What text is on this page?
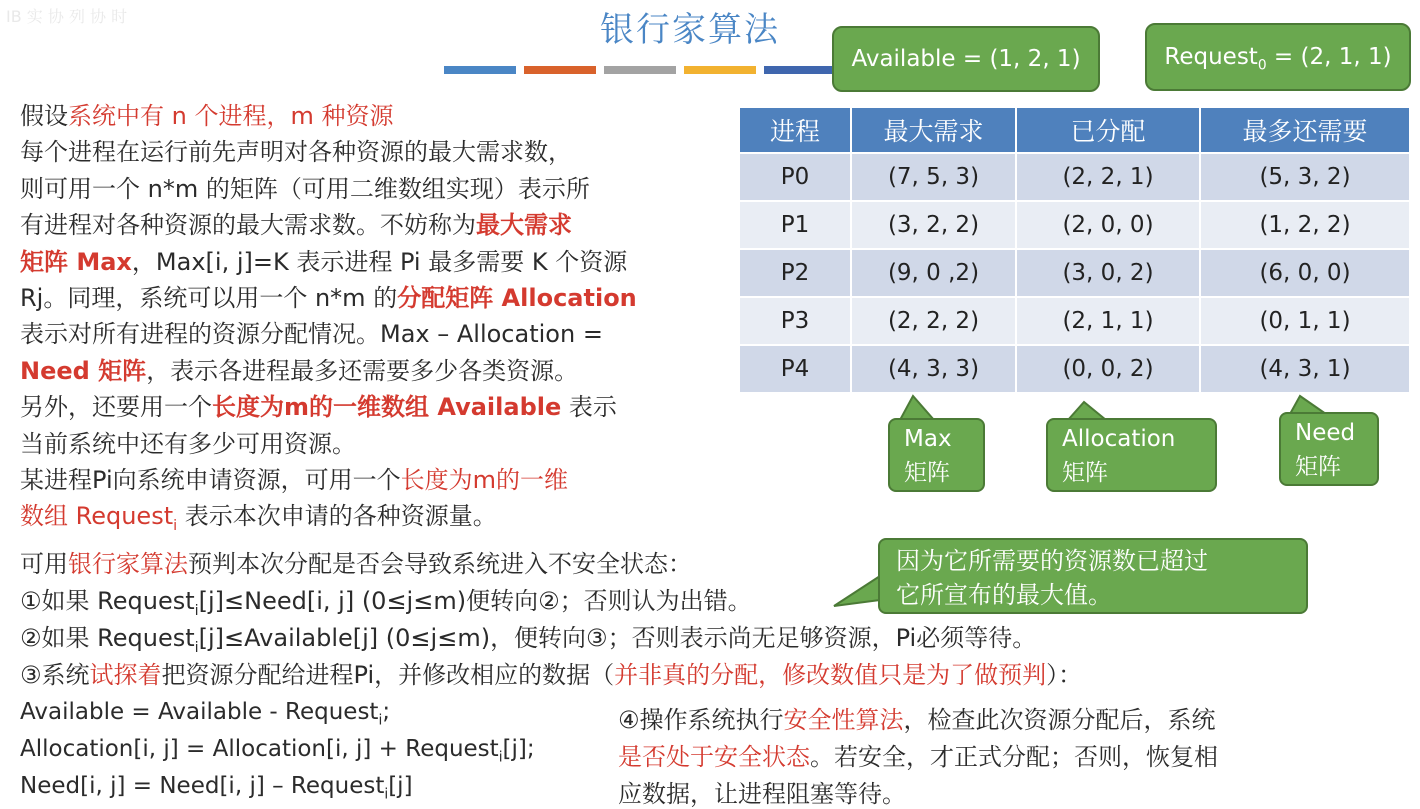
IB 实 协 列 协 时	银行家算法
Available = (1, 2, 1)	Request$_0$ = (2, 1, 1)

假设系统中有 n 个进程，m 种资源

每个进程在运行前先声明对各种资源的最大需求数，

则可用一个 n*m 的矩阵（可用二维数组实现）表示所

有进程对各种资源的最大需求数。不妨称为最大需求

矩阵 Max，Max[i, j]=K 表示进程 Pi 最多需要 K 个资源

Rj。同理，系统可以用一个 n*m 的分配矩阵 Allocation

表示对所有进程的资源分配情况。Max – Allocation =

Need 矩阵，表示各进程最多还需要多少各类资源。

另外，还要用一个长度为m的一维数组 Available 表示

当前系统中还有多少可用资源。

某进程Pi向系统申请资源，可用一个长度为m的一维

数组 Request$_i$ 表示本次申请的各种资源量。

进程	最大需求	已分配	最多还需要
P0	(7, 5, 3)	(2, 2, 1)	(5, 3, 2)
P1	(3, 2, 2)	(2, 0, 0)	(1, 2, 2)
P2	(9, 0 ,2)	(3, 0, 2)	(6, 0, 0)
P3	(2, 2, 2)	(2, 1, 1)	(0, 1, 1)
P4	(4, 3, 3)	(0, 0, 2)	(4, 3, 1)
Max
矩阵
Allocation
矩阵
Need
矩阵

可用银行家算法预判本次分配是否会导致系统进入不安全状态：

①如果 Request$_i$[j]≤Need[i, j] (0≤j≤m)便转向②；否则认为出错。

②如果 Request$_i$[j]≤Available[j] (0≤j≤m)，便转向③；否则表示尚无足够资源，Pi必须等待。

③系统试探着把资源分配给进程Pi，并修改相应的数据（并非真的分配，修改数值只是为了做预判）：

因为它所需要的资源数已超过
它所宣布的最大值。

Available = Available - Request$_i$;

Allocation[i, j] = Allocation[i, j] + Request$_i$[j];

Need[i, j] = Need[i, j] – Request$_i$[j]

④操作系统执行安全性算法，检查此次资源分配后，系统

是否处于安全状态。若安全，才正式分配；否则，恢复相

应数据，让进程阻塞等待。
